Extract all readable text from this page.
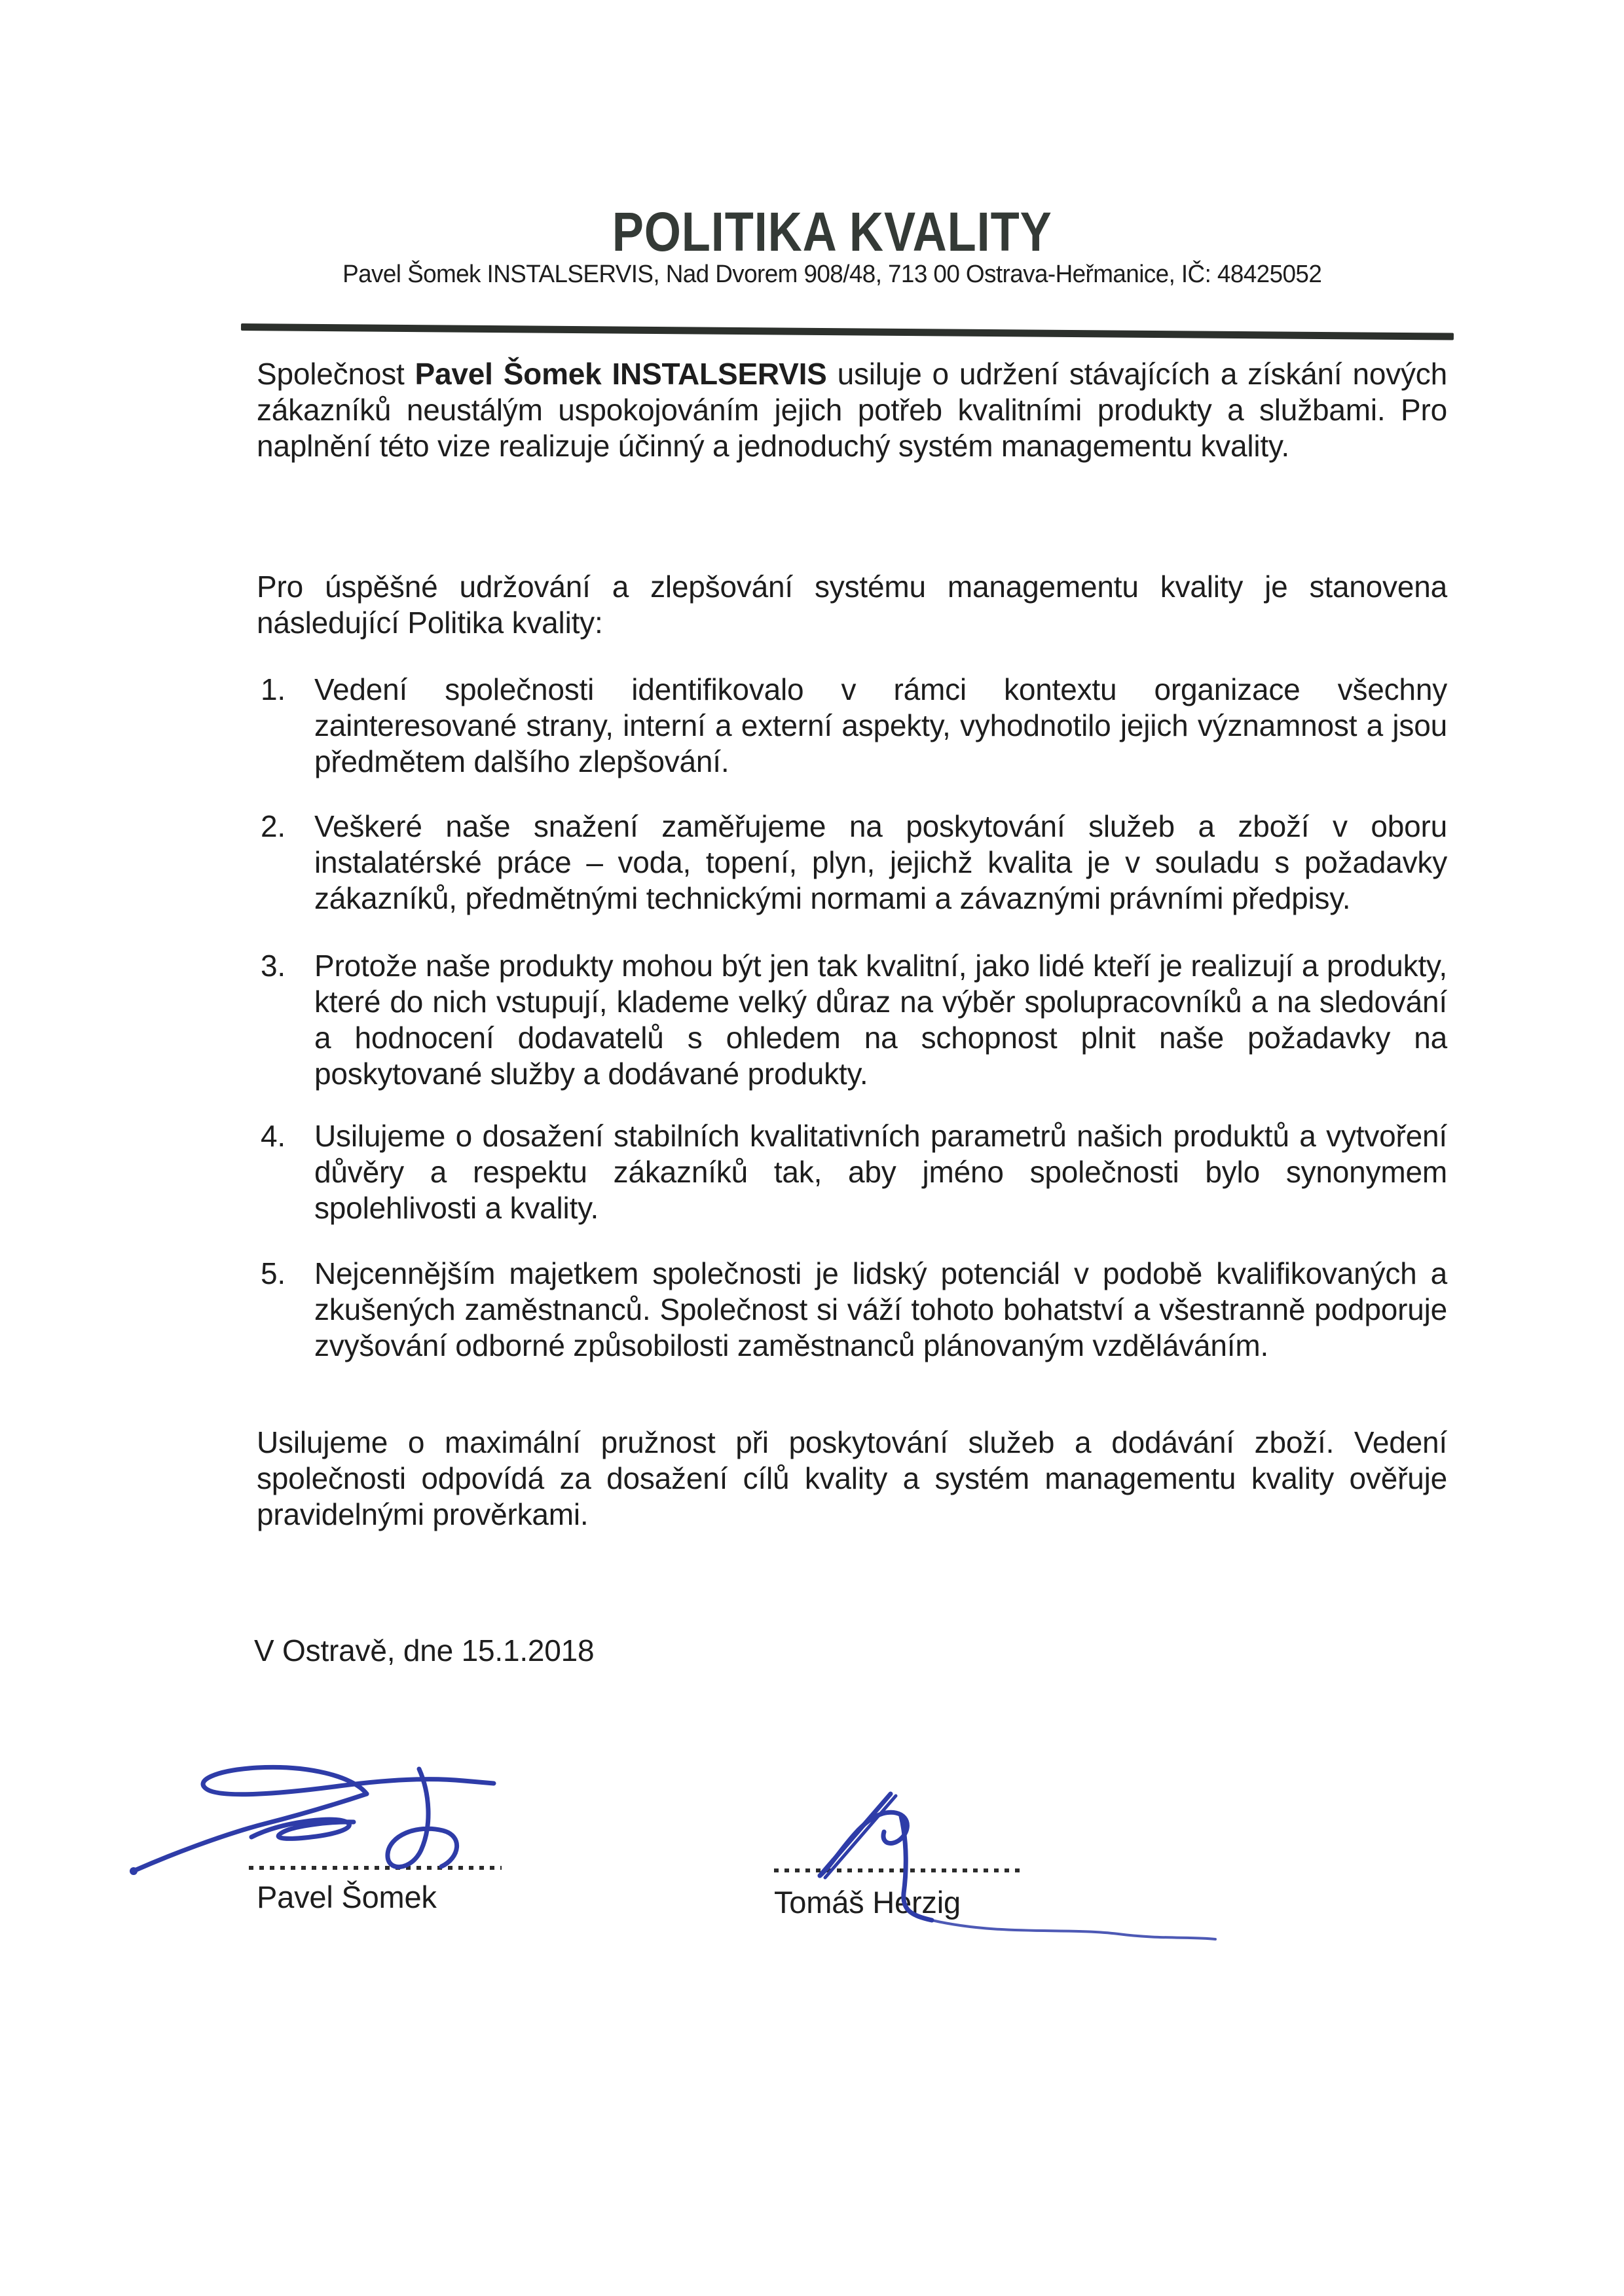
POLITIKA KVALITY
Pavel Šomek INSTALSERVIS, Nad Dvorem 908/48, 713 00 Ostrava-Heřmanice, IČ: 48425052
Společnost Pavel Šomek INSTALSERVIS usiluje o udržení stávajících a získání nových zákazníků neustálým uspokojováním jejich potřeb kvalitními produkty a službami. Pro naplnění této vize realizuje účinný a jednoduchý systém managementu kvality.
Pro úspěšné udržování a zlepšování systému managementu kvality je stanovena následující Politika kvality:
1. Vedení společnosti identifikovalo v rámci kontextu organizace všechny zainteresované strany, interní a externí aspekty, vyhodnotilo jejich významnost a jsou předmětem dalšího zlepšování.
2. Veškeré naše snažení zaměřujeme na poskytování služeb a zboží v oboru instalatérské práce – voda, topení, plyn, jejichž kvalita je v souladu s požadavky zákazníků, předmětnými technickými normami a závaznými právními předpisy.
3. Protože naše produkty mohou být jen tak kvalitní, jako lidé kteří je realizují a produkty, které do nich vstupují, klademe velký důraz na výběr spolupracovníků a na sledování a hodnocení dodavatelů s ohledem na schopnost plnit naše požadavky na poskytované služby a dodávané produkty.
4. Usilujeme o dosažení stabilních kvalitativních parametrů našich produktů a vytvoření důvěry a respektu zákazníků tak, aby jméno společnosti bylo synonymem spolehlivosti a kvality.
5. Nejcennějším majetkem společnosti je lidský potenciál v podobě kvalifikovaných a zkušených zaměstnanců. Společnost si váží tohoto bohatství a všestranně podporuje zvyšování odborné způsobilosti zaměstnanců plánovaným vzděláváním.
Usilujeme o maximální pružnost při poskytování služeb a dodávání zboží. Vedení společnosti odpovídá za dosažení cílů kvality a systém managementu kvality ověřuje pravidelnými prověrkami.
V Ostravě, dne 15.1.2018
Pavel Šomek	Tomáš Herzig
